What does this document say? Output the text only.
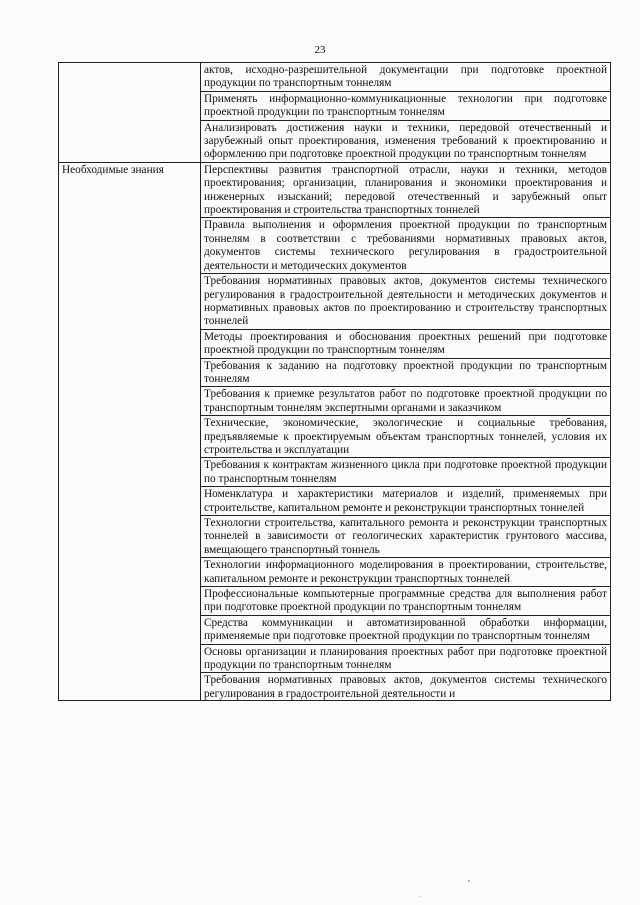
23
	актов, исходно-разрешительной документации при подготовке проектной продукции по транспортным тоннелям
	Применять информационно-коммуникационные технологии при подготовке проектной продукции по транспортным тоннелям
	Анализировать достижения науки и техники, передовой отечественный и зарубежный опыт проектирования, изменения требований к проектированию и оформлению при подготовке проектной продукции по транспортным тоннелям
Необходимые знания	Перспективы развития транспортной отрасли, науки и техники, методов проектирования; организации, планирования и экономики проектирования и инженерных изысканий; передовой отечественный и зарубежный опыт проектирования и строительства транспортных тоннелей
	Правила выполнения и оформления проектной продукции по транспортным тоннелям в соответствии с требованиями нормативных правовых актов, документов системы технического регулирования в градостроительной деятельности и методических документов
	Требования нормативных правовых актов, документов системы технического регулирования в градостроительной деятельности и методических документов и нормативных правовых актов по проектированию и строительству транспортных тоннелей
	Методы проектирования и обоснования проектных решений при подготовке проектной продукции по транспортным тоннелям
	Требования к заданию на подготовку проектной продукции по транспортным тоннелям
	Требования к приемке результатов работ по подготовке проектной продукции по транспортным тоннелям экспертными органами и заказчиком
	Технические, экономические, экологические и социальные требования, предъявляемые к проектируемым объектам транспортных тоннелей, условия их строительства и эксплуатации
	Требования к контрактам жизненного цикла при подготовке проектной продукции по транспортным тоннелям
	Номенклатура и характеристики материалов и изделий, применяемых при строительстве, капитальном ремонте и реконструкции транспортных тоннелей
	Технологии строительства, капитального ремонта и реконструкции транспортных тоннелей в зависимости от геологических характеристик грунтового массива, вмещающего транспортный тоннель
	Технологии информационного моделирования в проектировании, строительстве, капитальном ремонте и реконструкции транспортных тоннелей
	Профессиональные компьютерные программные средства для выполнения работ при подготовке проектной продукции по транспортным тоннелям
	Средства коммуникации и автоматизированной обработки информации, применяемые при подготовке проектной продукции по транспортным тоннелям
	Основы организации и планирования проектных работ при подготовке проектной продукции по транспортным тоннелям

	Требования нормативных правовых актов, документов системы технического регулирования в градостроительной деятельности и
